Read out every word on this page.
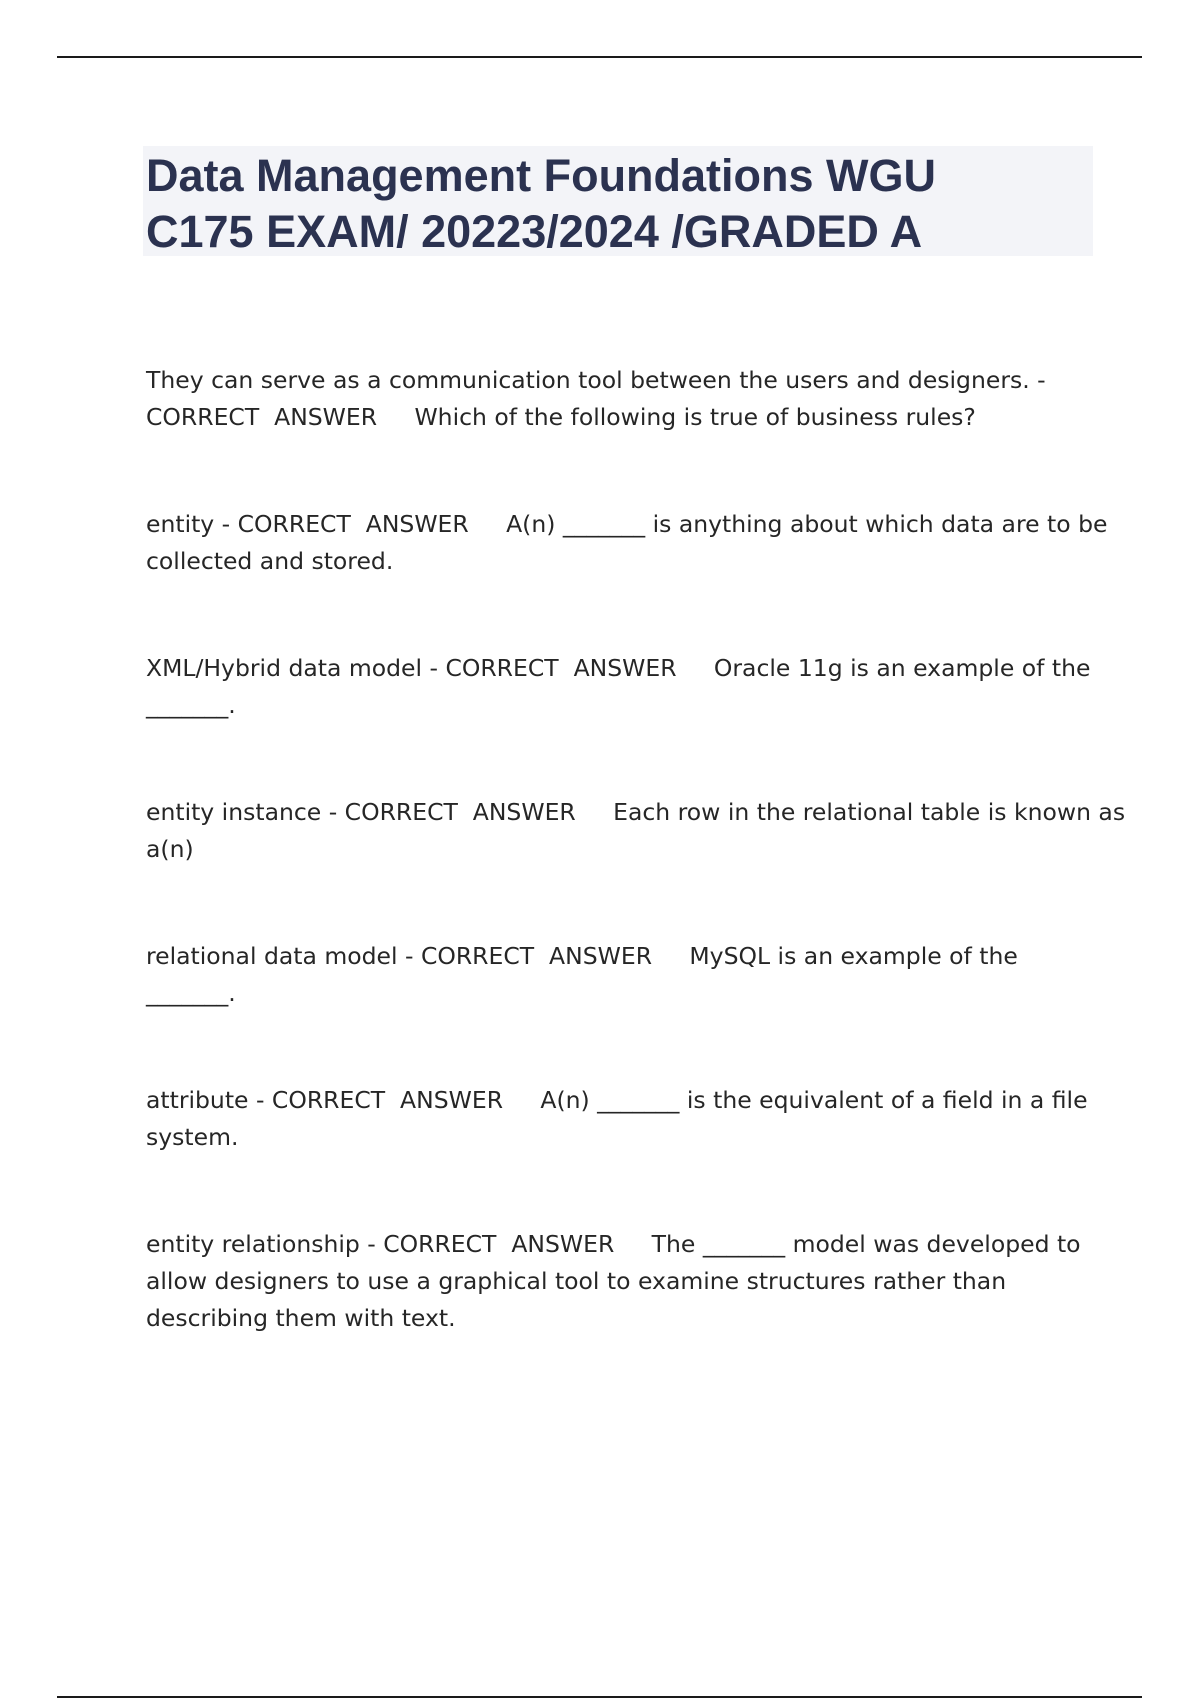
Data Management Foundations WGU
C175 EXAM/ 20223/2024 /GRADED A
They can serve as a communication tool between the users and designers. -
CORRECT  ANSWER     Which of the following is true of business rules?
entity - CORRECT  ANSWER     A(n) _______ is anything about which data are to be
collected and stored.
XML/Hybrid data model - CORRECT  ANSWER     Oracle 11g is an example of the
_______.
entity instance - CORRECT  ANSWER     Each row in the relational table is known as
a(n)
relational data model - CORRECT  ANSWER     MySQL is an example of the
_______.
attribute - CORRECT  ANSWER     A(n) _______ is the equivalent of a field in a file
system.
entity relationship - CORRECT  ANSWER     The _______ model was developed to
allow designers to use a graphical tool to examine structures rather than
describing them with text.
